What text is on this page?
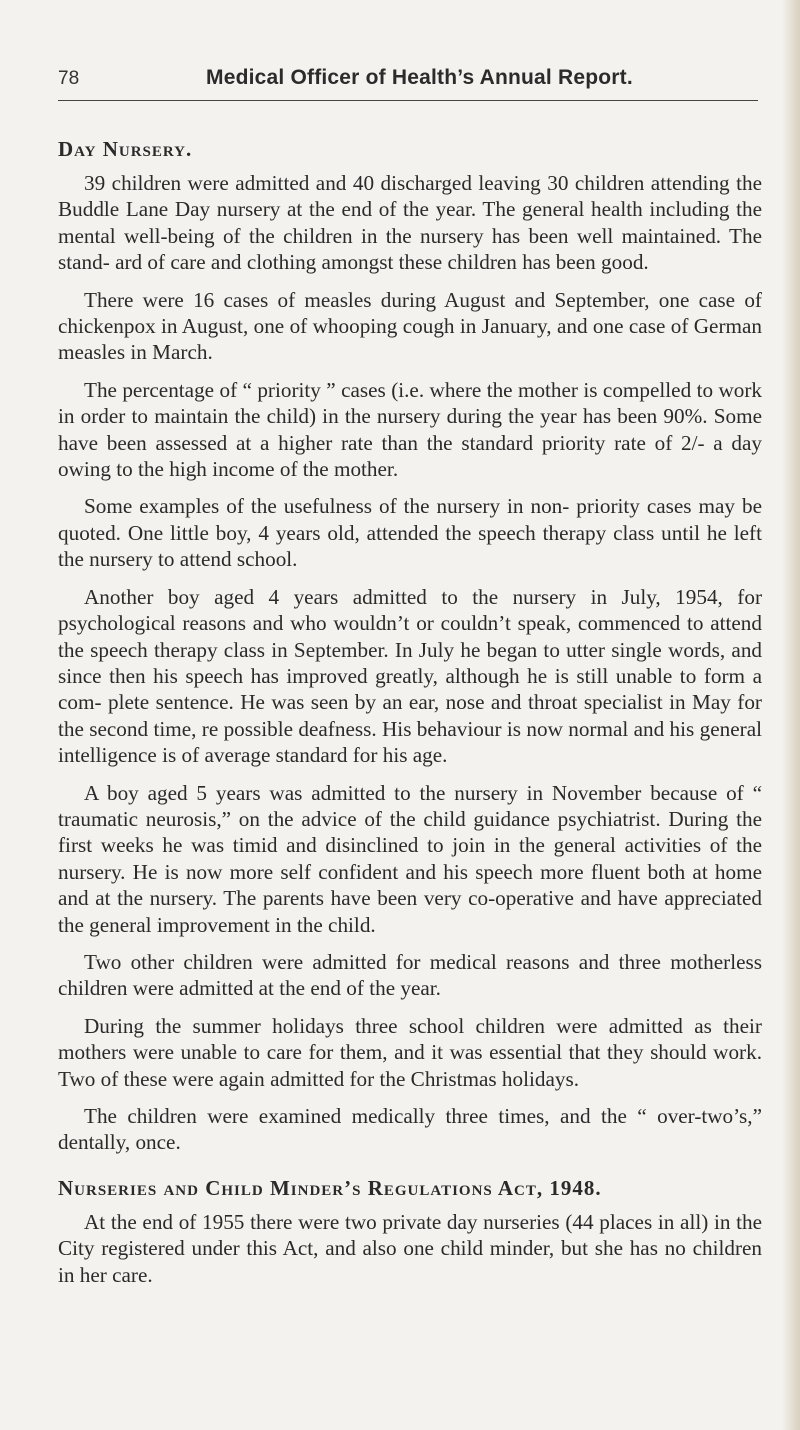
78	Medical Officer of Health’s Annual Report.
Day Nursery.

39 children were admitted and 40 discharged leaving 30 children attending the Buddle Lane Day nursery at the end of the year. The general health including the mental well-being of the children in the nursery has been well maintained. The stand- ard of care and clothing amongst these children has been good.

There were 16 cases of measles during August and September, one case of chickenpox in August, one of whooping cough in January, and one case of German measles in March.

The percentage of “ priority ” cases (i.e. where the mother is compelled to work in order to maintain the child) in the nursery during the year has been 90%. Some have been assessed at a higher rate than the standard priority rate of 2/- a day owing to the high income of the mother.

Some examples of the usefulness of the nursery in non- priority cases may be quoted. One little boy, 4 years old, attended the speech therapy class until he left the nursery to attend school.

Another boy aged 4 years admitted to the nursery in July, 1954, for psychological reasons and who wouldn’t or couldn’t speak, commenced to attend the speech therapy class in September. In July he began to utter single words, and since then his speech has improved greatly, although he is still unable to form a com- plete sentence. He was seen by an ear, nose and throat specialist in May for the second time, re possible deafness. His behaviour is now normal and his general intelligence is of average standard for his age.

A boy aged 5 years was admitted to the nursery in November because of “ traumatic neurosis,” on the advice of the child guidance psychiatrist. During the first weeks he was timid and disinclined to join in the general activities of the nursery. He is now more self confident and his speech more fluent both at home and at the nursery. The parents have been very co-operative and have appreciated the general improvement in the child.

Two other children were admitted for medical reasons and three motherless children were admitted at the end of the year.

During the summer holidays three school children were admitted as their mothers were unable to care for them, and it was essential that they should work. Two of these were again admitted for the Christmas holidays.

The children were examined medically three times, and the “ over-two’s,” dentally, once.

Nurseries and Child Minder’s Regulations Act, 1948.

At the end of 1955 there were two private day nurseries (44 places in all) in the City registered under this Act, and also one child minder, but she has no children in her care.
